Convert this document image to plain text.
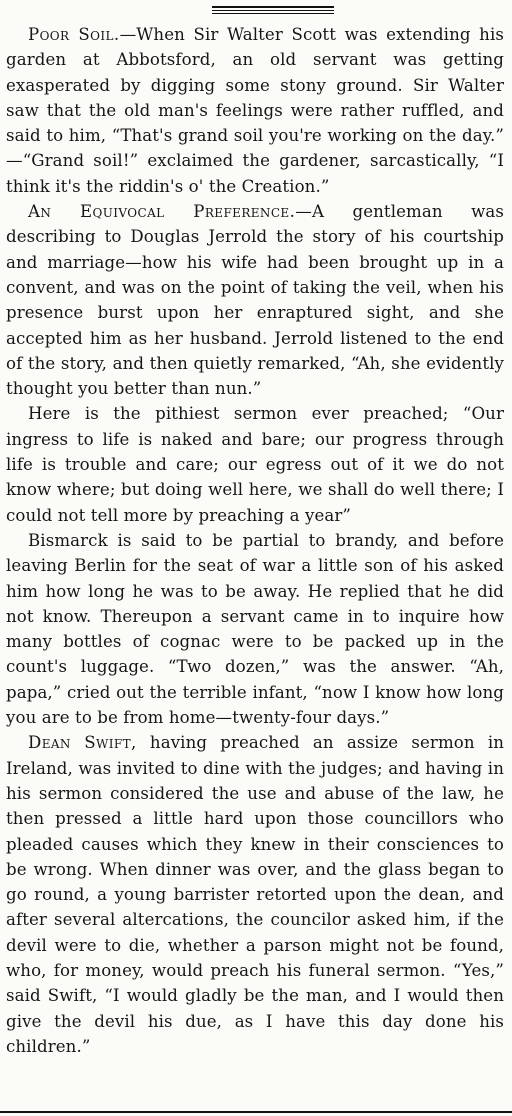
Poor Soil.—When Sir Walter Scott was extending his garden at Abbotsford, an old servant was getting exasperated by digging some stony ground. Sir Walter saw that the old man's feelings were rather ruffled, and said to him, “That's grand soil you're working on the day.” —“Grand soil!” exclaimed the gardener, sarcastically, “I think it's the riddin's o' the Creation.”

An Equivocal Preference.—A gentleman was describing to Douglas Jerrold the story of his courtship and marriage—how his wife had been brought up in a convent, and was on the point of taking the veil, when his presence burst upon her enraptured sight, and she accepted him as her husband. Jerrold listened to the end of the story, and then quietly remarked, “Ah, she evidently thought you better than nun.”

Here is the pithiest sermon ever preached; “Our ingress to life is naked and bare; our progress through life is trouble and care; our egress out of it we do not know where; but doing well here, we shall do well there; I could not tell more by preaching a year”

Bismarck is said to be partial to brandy, and before leaving Berlin for the seat of war a little son of his asked him how long he was to be away. He replied that he did not know. Thereupon a servant came in to inquire how many bottles of cognac were to be packed up in the count's luggage. “Two dozen,” was the answer. “Ah, papa,” cried out the terrible infant, “now I know how long you are to be from home—twenty-four days.”

Dean Swift, having preached an assize sermon in Ireland, was invited to dine with the judges; and having in his sermon considered the use and abuse of the law, he then pressed a little hard upon those councillors who pleaded causes which they knew in their consciences to be wrong. When dinner was over, and the glass began to go round, a young barrister retorted upon the dean, and after several altercations, the councilor asked him, if the devil were to die, whether a parson might not be found, who, for money, would preach his funeral sermon. “Yes,” said Swift, “I would gladly be the man, and I would then give the devil his due, as I have this day done his children.”
